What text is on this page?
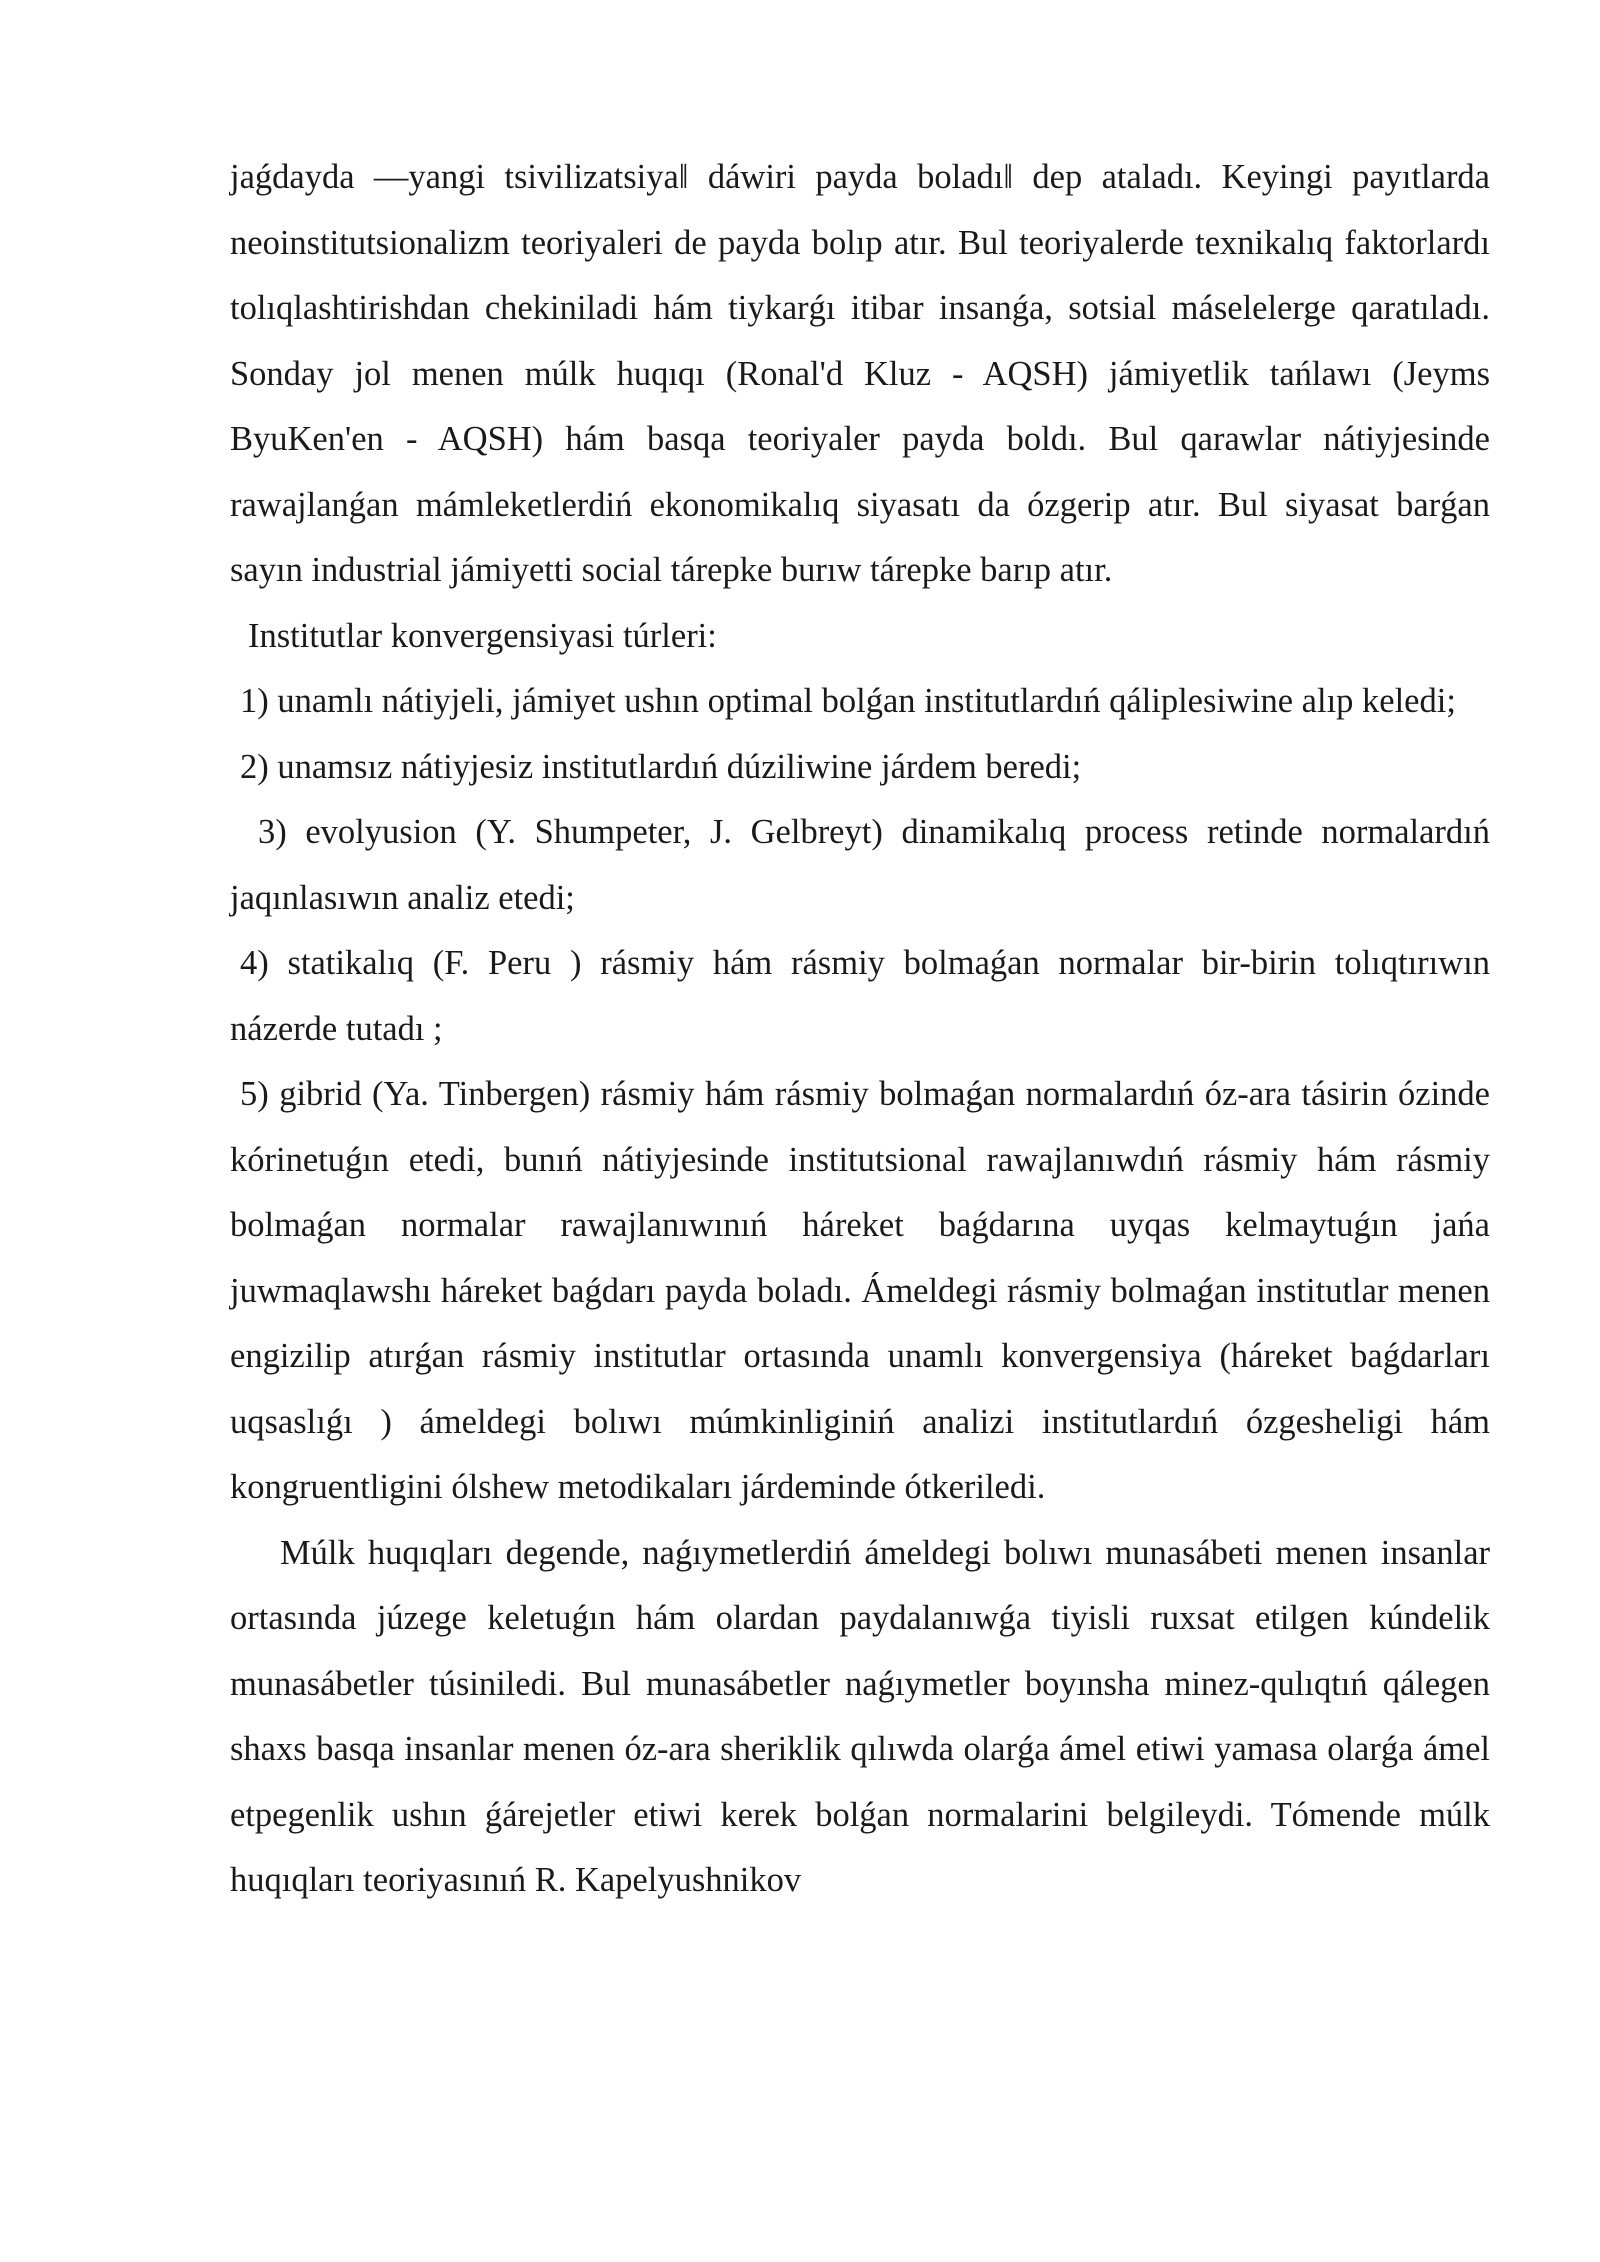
jaǵdayda —yangi tsivilizatsiya‖ dáwiri payda boladı‖ dep ataladı. Keyingi payıtlarda neoinstitutsionalizm teoriyaleri de payda bolıp atır. Bul teoriyalerde texnikalıq faktorlardı tolıqlashtirishdan chekiniladi hám tiykarǵı itibar insanǵa, sotsial máselelerge qaratıladı. Sonday jol menen múlk huqıqı (Ronal'd Kluz - AQSH) jámiyetlik tańlawı (Jeyms ByuKen'en - AQSH) hám basqa teoriyaler payda boldı. Bul qarawlar nátiyjesinde rawajlanǵan mámleketlerdiń ekonomikalıq siyasatı da ózgerip atır. Bul siyasat barǵan sayın industrial jámiyetti social tárepke burıw tárepke barıp atır.

Institutlar konvergensiyasi túrleri:

1) unamlı nátiyjeli, jámiyet ushın optimal bolǵan institutlardıń qáliplesiwine alıp keledi;

2) unamsız nátiyjesiz institutlardıń dúziliwine járdem beredi;

3) evolyusion (Y. Shumpeter, J. Gelbreyt) dinamikalıq process retinde normalardıń jaqınlasıwın analiz etedi;

4) statikalıq (F. Peru ) rásmiy hám rásmiy bolmaǵan normalar bir-birin tolıqtırıwın názerde tutadı ;

5) gibrid (Ya. Tinbergen) rásmiy hám rásmiy bolmaǵan normalardıń óz-ara tásirin ózinde kórinetuǵın etedi, bunıń nátiyjesinde institutsional rawajlanıwdıń rásmiy hám rásmiy bolmaǵan normalar rawajlanıwınıń háreket baǵdarına uyqas kelmaytuǵın jańa juwmaqlawshı háreket baǵdarı payda boladı. Ámeldegi rásmiy bolmaǵan institutlar menen engizilip atırǵan rásmiy institutlar ortasında unamlı konvergensiya (háreket baǵdarları uqsaslıǵı ) ámeldegi bolıwı múmkinliginiń analizi institutlardıń ózgesheligi hám kongruentligini ólshew metodikaları járdeminde ótkeriledi.

Múlk huqıqları degende, naǵıymetlerdiń ámeldegi bolıwı munasábeti menen insanlar ortasında júzege keletuǵın hám olardan paydalanıwǵa tiyisli ruxsat etilgen kúndelik munasábetler túsiniledi. Bul munasábetler naǵıymetler boyınsha minez-qulıqtıń qálegen shaxs basqa insanlar menen óz-ara sheriklik qılıwda olarǵa ámel etiwi yamasa olarǵa ámel etpegenlik ushın ǵárejetler etiwi kerek bolǵan normalarini belgileydi. Tómende múlk huqıqları teoriyasınıń R. Kapelyushnikov
